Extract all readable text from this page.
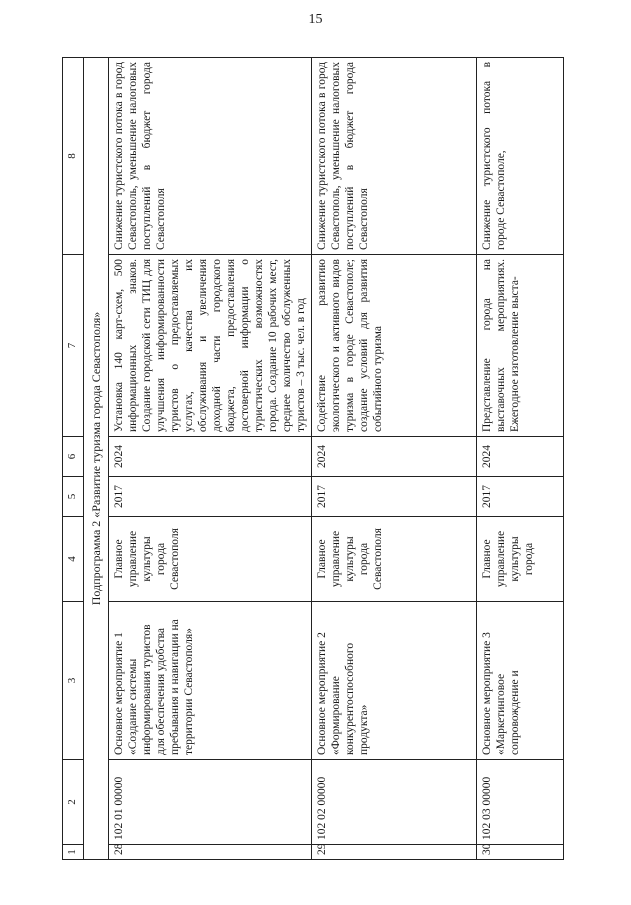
15
1	2	3	4	5	6	7	8
Подпрограмма 2 «Развитие туризма города Севастополя»							
28	102 01 00000	Основное мероприятие 1 «Создание системы информирования туристов для обеспечения удобства пребывания и навигации на территории Севастополя»	Главное управление культуры города Севастополя	2017	2024	Установка 140 карт-схем, 500 информационных знаков. Создание городской сети ТИЦ для улучшения информированности туристов о предоставляемых услугах, качества их обслуживания и увеличения доходной части городского бюджета, предоставления достоверной информации о туристических возможностях города. Создание 10 рабочих мест, среднее количество обслуженных туристов – 3 тыс. чел. в год	Снижение туристского потока в город Севастополь, уменьшение налоговых поступлений в бюджет города Севастополя
29	102 02 00000	Основное мероприятие 2 «Формирование конкурентоспособного продукта»	Главное управление культуры города Севастополя	2017	2024	Содействие развитию экологического и активного видов туризма в городе Севастополе; создание условий для развития событийного туризма	Снижение туристского потока в город Севастополь, уменьшение налоговых поступлений в бюджет города Севастополя
30	102 03 00000	Основное мероприятие 3 «Маркетинговое сопровождение и	Главное управление культуры города	2017	2024	Представление города на выставочных мероприятиях. Ежегодное изготовление выста-	Снижение туристского потока в городе Севастополе,
